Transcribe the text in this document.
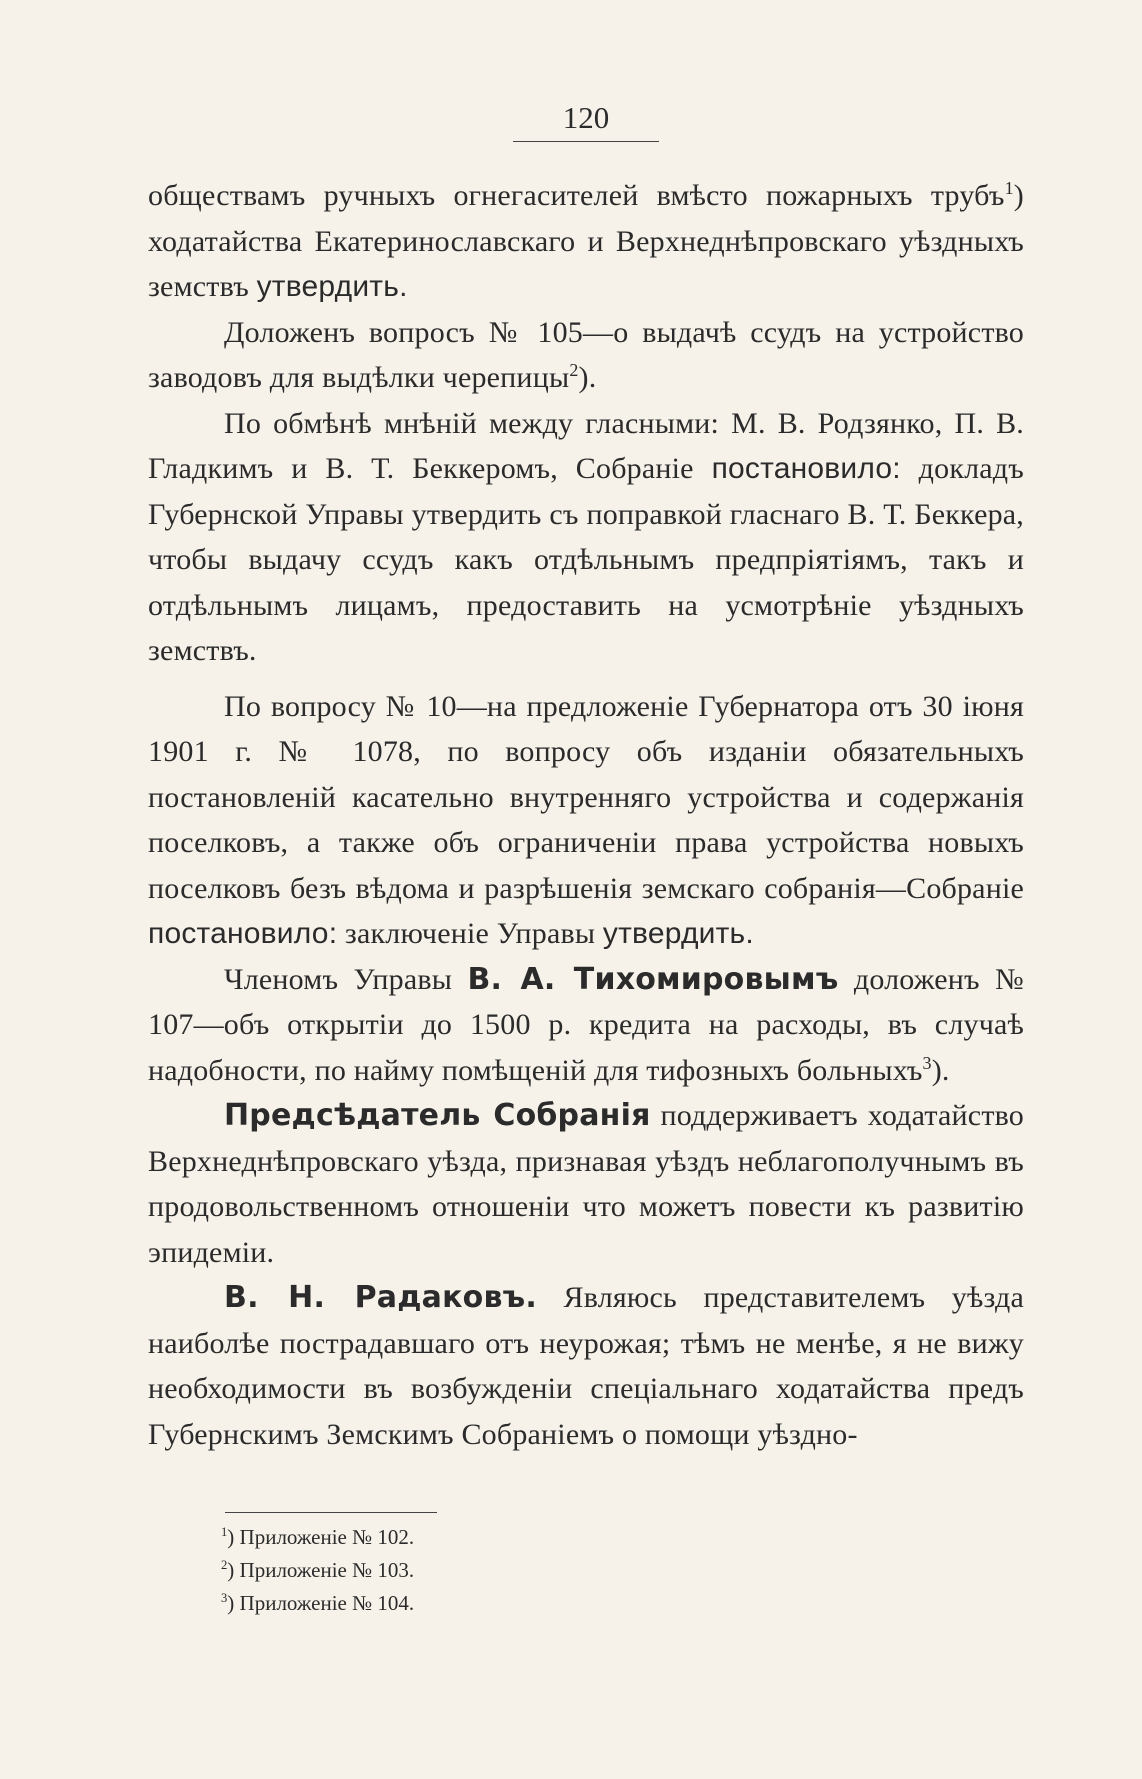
120

обществамъ ручныхъ огнегасителей вмѣсто пожарныхъ трубъ$^1$) ходатайства Екатеринославскаго и Верхнеднѣпровскаго уѣздныхъ земствъ утвердить.

Доложенъ вопросъ № 105—о выдачѣ ссудъ на устройство заводовъ для выдѣлки черепицы$^2$).

По обмѣнѣ мнѣній между гласными: М. В. Родзянко, П. В. Гладкимъ и В. Т. Беккеромъ, Собраніе постановило: докладъ Губернской Управы утвердить съ поправкой гласнаго В. Т. Беккера, чтобы выдачу ссудъ какъ отдѣльнымъ предпріятіямъ, такъ и отдѣльнымъ лицамъ, предоставить на усмотрѣніе уѣздныхъ земствъ.

По вопросу № 10—на предложеніе Губернатора отъ 30 іюня 1901 г. № 1078, по вопросу объ изданіи обязательныхъ постановленій касательно внутренняго устройства и содержанія поселковъ, а также объ ограниченіи права устройства новыхъ поселковъ безъ вѣдома и разрѣшенія земскаго собранія—Собраніе постановило: заключеніе Управы утвердить.

Членомъ Управы В. А. Тихомировымъ доложенъ № 107—объ открытіи до 1500 р. кредита на расходы, въ случаѣ надобности, по найму помѣщеній для тифозныхъ больныхъ$^3$).

Предсѣдатель Собранія поддерживаетъ ходатайство Верхнеднѣпровскаго уѣзда, признавая уѣздъ неблагополучнымъ въ продовольственномъ отношеніи что можетъ повести къ развитію эпидеміи.

В. Н. Радаковъ. Являюсь представителемъ уѣзда наиболѣе пострадавшаго отъ неурожая; тѣмъ не менѣе, я не вижу необходимости въ возбужденіи спеціальнаго ходатайства предъ Губернскимъ Земскимъ Собраніемъ о помощи уѣздно-

$^1$) Приложеніе № 102.
$^2$) Приложеніе № 103.
$^3$) Приложеніе № 104.
